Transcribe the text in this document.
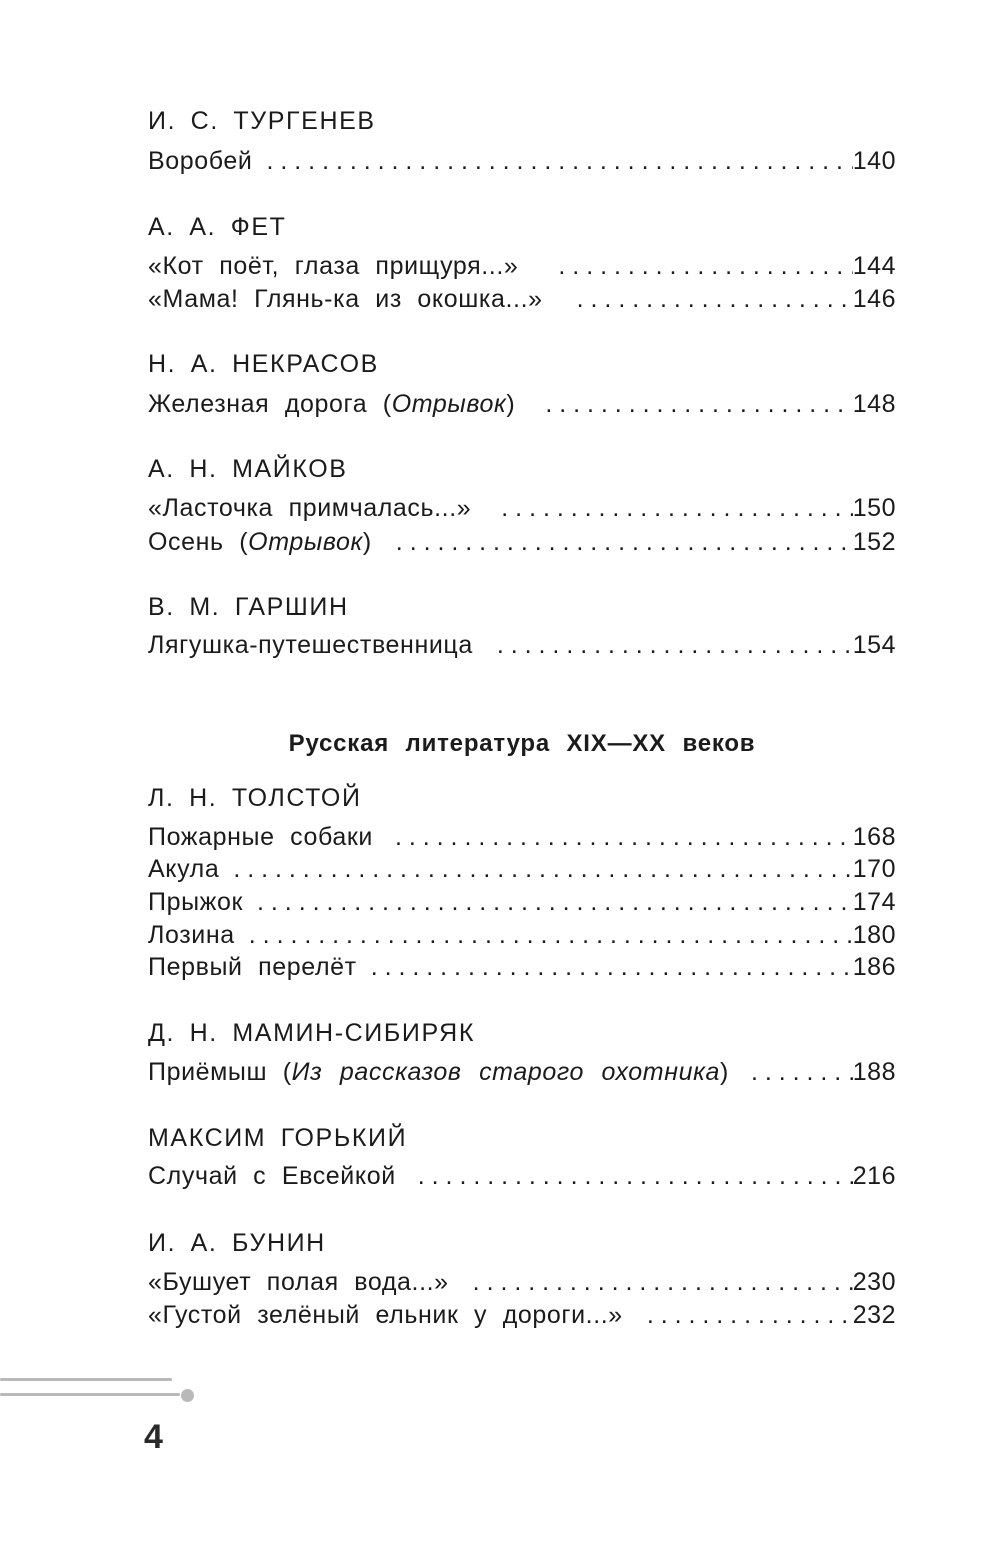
И. С. ТУРГЕНЕВ
Воробей . . .	140
А. А. ФЕТ
«Кот поёт, глаза прищуря...» . . .	144
«Мама! Глянь-ка из окошка...» . . .	146
Н. А. НЕКРАСОВ
Железная дорога (Отрывок) . . .	148
А. Н. МАЙКОВ
«Ласточка примчалась...» . . .	150
Осень (Отрывок) . . .	152
В. М. ГАРШИН
Лягушка-путешественница . . .	154
Русская литература XIX—XX веков
Л. Н. ТОЛСТОЙ
Пожарные собаки . . .	168
Акула . . .	170
Прыжок . . .	174
Лозина . . .	180
Первый перелёт . . .	186
Д. Н. МАМИН-СИБИРЯК
Приёмыш (Из рассказов старого охотника) . . .	188
МАКСИМ ГОРЬКИЙ
Случай с Евсейкой . . .	216
И. А. БУНИН
«Бушует полая вода...» . . .	230
«Густой зелёный ельник у дороги...» . . .	232
4
